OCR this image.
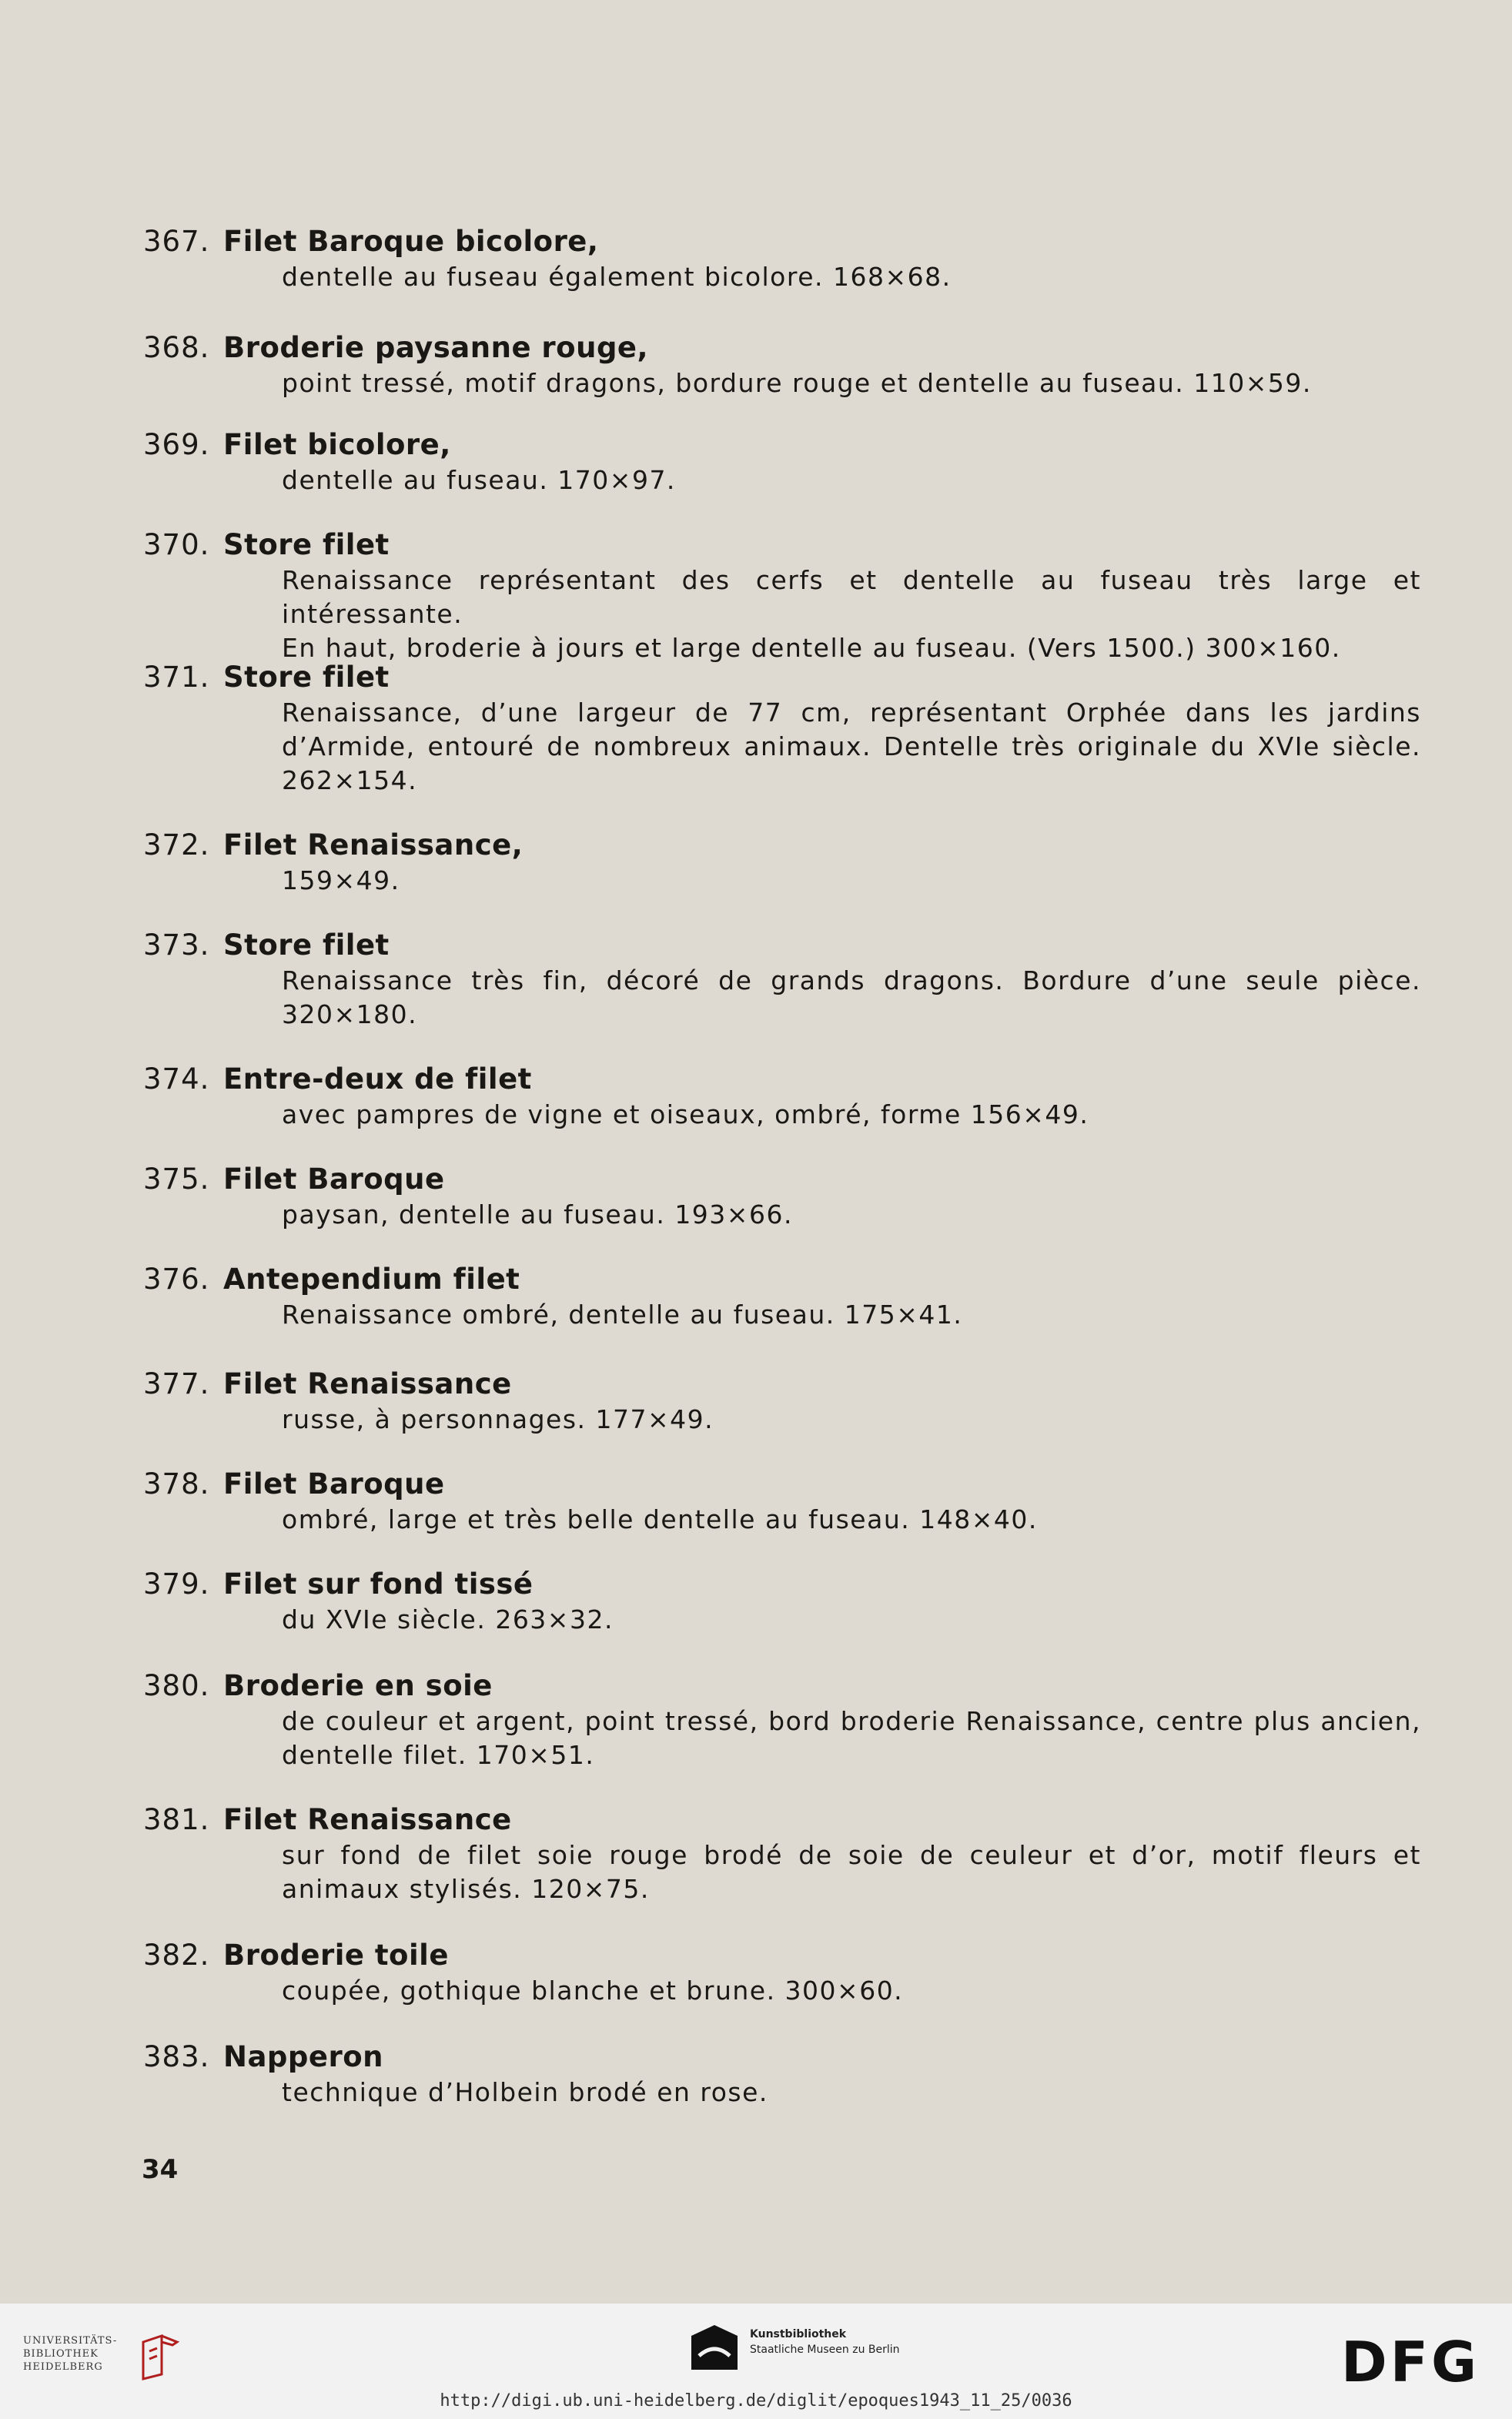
367. Filet Baroque bicolore,
dentelle au fuseau également bicolore. 168×68.
368. Broderie paysanne rouge,
point tressé, motif dragons, bordure rouge et dentelle au fuseau. 110×59.
369. Filet bicolore,
dentelle au fuseau. 170×97.
370. Store filet
Renaissance représentant des cerfs et dentelle au fuseau très large et intéressante.
En haut, broderie à jours et large dentelle au fuseau. (Vers 1500.) 300×160.
371. Store filet
Renaissance, d’une largeur de 77 cm, représentant Orphée dans les jardins
d’Armide, entouré de nombreux animaux. Dentelle très originale du XVIe siècle.
262×154.
372. Filet Renaissance,
159×49.
373. Store filet
Renaissance très fin, décoré de grands dragons. Bordure d’une seule pièce.
320×180.
374. Entre-deux de filet
avec pampres de vigne et oiseaux, ombré, forme 156×49.
375. Filet Baroque
paysan, dentelle au fuseau. 193×66.
376. Antependium filet
Renaissance ombré, dentelle au fuseau. 175×41.
377. Filet Renaissance
russe, à personnages. 177×49.
378. Filet Baroque
ombré, large et très belle dentelle au fuseau. 148×40.
379. Filet sur fond tissé
du XVIe siècle. 263×32.
380. Broderie en soie
de couleur et argent, point tressé, bord broderie Renaissance, centre plus ancien,
dentelle filet. 170×51.
381. Filet Renaissance
sur fond de filet soie rouge brodé de soie de ceuleur et d’or, motif fleurs et
animaux stylisés. 120×75.
382. Broderie toile
coupée, gothique blanche et brune. 300×60.
383. Napperon
technique d’Holbein brodé en rose.
34
UNIVERSITÄTS-
BIBLIOTHEK
HEIDELBERG
Kunstbibliothek
Staatliche Museen zu Berlin	DFG
http://digi.ub.uni-heidelberg.de/diglit/epoques1943_11_25/0036
